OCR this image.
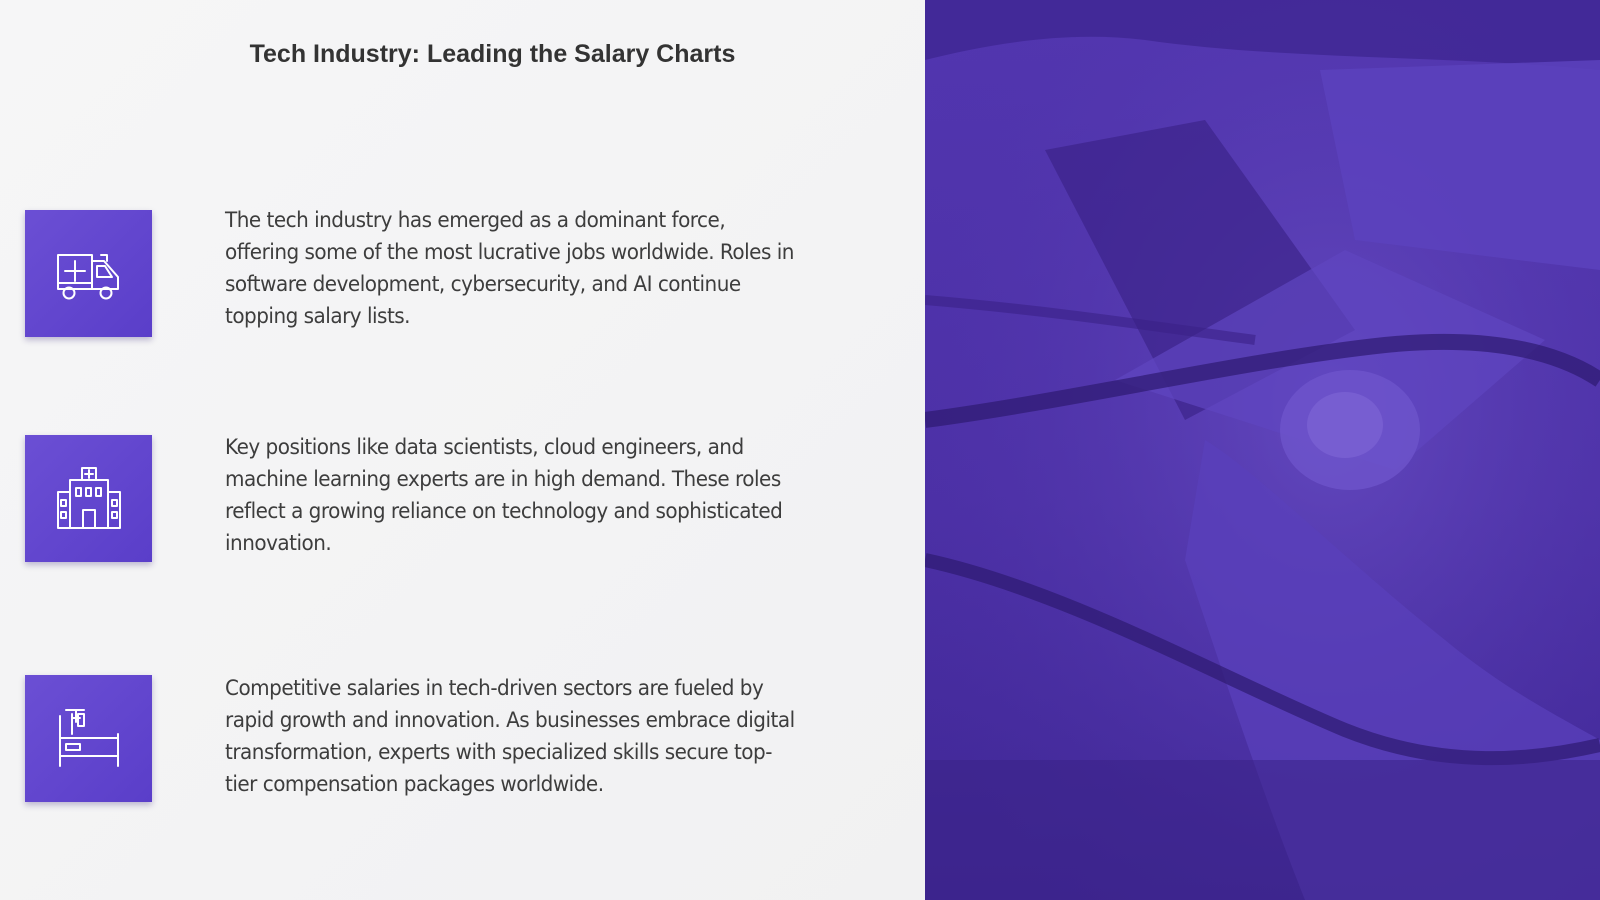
Tech Industry: Leading the Salary Charts

The tech industry has emerged as a dominant force, offering some of the most lucrative jobs worldwide. Roles in software development, cybersecurity, and AI continue topping salary lists.

Key positions like data scientists, cloud engineers, and machine learning experts are in high demand. These roles reflect a growing reliance on technology and sophisticated innovation.

Competitive salaries in tech-driven sectors are fueled by rapid growth and innovation. As businesses embrace digital transformation, experts with specialized skills secure top-tier compensation packages worldwide.
